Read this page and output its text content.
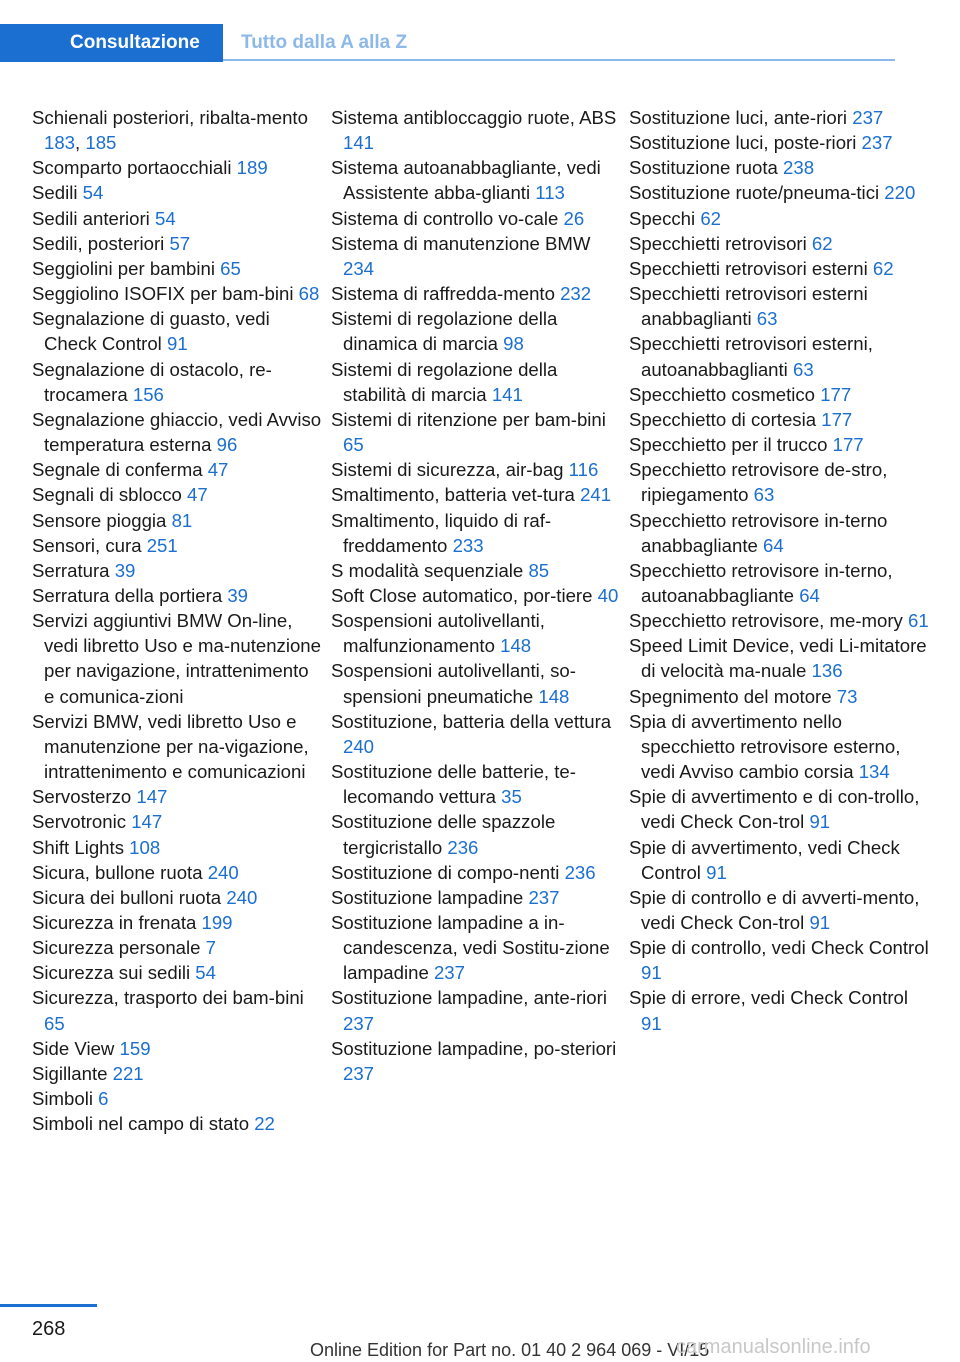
Consultazione	Tutto dalla A alla Z
Schienali posteriori, ribalta-mento 183, 185
Scomparto portaocchiali 189
Sedili 54
Sedili anteriori 54
Sedili, posteriori 57
Seggiolini per bambini 65
Seggiolino ISOFIX per bam-bini 68
Segnalazione di guasto, vedi Check Control 91
Segnalazione di ostacolo, re-trocamera 156
Segnalazione ghiaccio, vedi Avviso temperatura esterna 96
Segnale di conferma 47
Segnali di sblocco 47
Sensore pioggia 81
Sensori, cura 251
Serratura 39
Serratura della portiera 39
Servizi aggiuntivi BMW On-line, vedi libretto Uso e ma-nutenzione per navigazione, intrattenimento e comunica-zioni
Servizi BMW, vedi libretto Uso e manutenzione per na-vigazione, intrattenimento e comunicazioni
Servosterzo 147
Servotronic 147
Shift Lights 108
Sicura, bullone ruota 240
Sicura dei bulloni ruota 240
Sicurezza in frenata 199
Sicurezza personale 7
Sicurezza sui sedili 54
Sicurezza, trasporto dei bam-bini 65
Side View 159
Sigillante 221
Simboli 6
Simboli nel campo di stato 22
Sistema antibloccaggio ruote, ABS 141
Sistema autoanabbagliante, vedi Assistente abba-glianti 113
Sistema di controllo vo-cale 26
Sistema di manutenzione BMW 234
Sistema di raffredda-mento 232
Sistemi di regolazione della dinamica di marcia 98
Sistemi di regolazione della stabilità di marcia 141
Sistemi di ritenzione per bam-bini 65
Sistemi di sicurezza, air-bag 116
Smaltimento, batteria vet-tura 241
Smaltimento, liquido di raf-freddamento 233
S modalità sequenziale 85
Soft Close automatico, por-tiere 40
Sospensioni autolivellanti, malfunzionamento 148
Sospensioni autolivellanti, so-spensioni pneumatiche 148
Sostituzione, batteria della vettura 240
Sostituzione delle batterie, te-lecomando vettura 35
Sostituzione delle spazzole tergicristallo 236
Sostituzione di compo-nenti 236
Sostituzione lampadine 237
Sostituzione lampadine a in-candescenza, vedi Sostitu-zione lampadine 237
Sostituzione lampadine, ante-riori 237
Sostituzione lampadine, po-steriori 237
Sostituzione luci, ante-riori 237
Sostituzione luci, poste-riori 237
Sostituzione ruota 238
Sostituzione ruote/pneuma-tici 220
Specchi 62
Specchietti retrovisori 62
Specchietti retrovisori esterni 62
Specchietti retrovisori esterni anabbaglianti 63
Specchietti retrovisori esterni, autoanabbaglianti 63
Specchietto cosmetico 177
Specchietto di cortesia 177
Specchietto per il trucco 177
Specchietto retrovisore de-stro, ripiegamento 63
Specchietto retrovisore in-terno anabbagliante 64
Specchietto retrovisore in-terno, autoanabbagliante 64
Specchietto retrovisore, me-mory 61
Speed Limit Device, vedi Li-mitatore di velocità ma-nuale 136
Spegnimento del motore 73
Spia di avvertimento nello specchietto retrovisore esterno, vedi Avviso cambio corsia 134
Spie di avvertimento e di con-trollo, vedi Check Con-trol 91
Spie di avvertimento, vedi Check Control 91
Spie di controllo e di avverti-mento, vedi Check Con-trol 91
Spie di controllo, vedi Check Control 91
Spie di errore, vedi Check Control 91
268
Online Edition for Part no. 01 40 2 964 069 - VI/15
carmanualsonline.info
